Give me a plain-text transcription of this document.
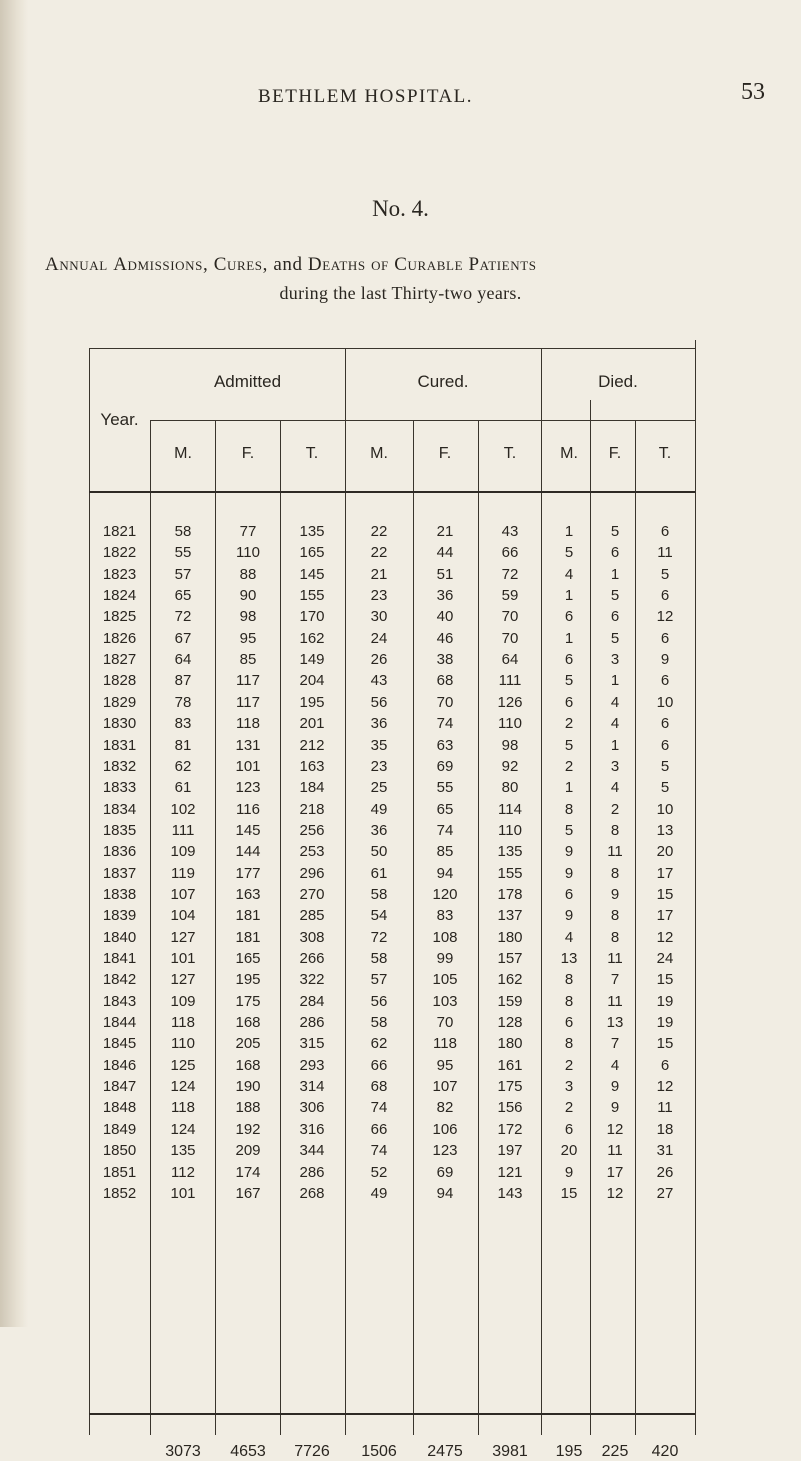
BETHLEM HOSPITAL.	53
No. 4.
Annual Admissions, Cures, and Deaths of Curable Patients
during the last Thirty-two years.
Year.
Admitted	Cured.	Died.
M.	F.	T.	M.	F.	T.	M.	F.	T.
1821	58	77	135	22	21	43	1	5	6
1822	55	110	165	22	44	66	5	6	11
1823	57	88	145	21	51	72	4	1	5
1824	65	90	155	23	36	59	1	5	6
1825	72	98	170	30	40	70	6	6	12
1826	67	95	162	24	46	70	1	5	6
1827	64	85	149	26	38	64	6	3	9
1828	87	117	204	43	68	111	5	1	6
1829	78	117	195	56	70	126	6	4	10
1830	83	118	201	36	74	110	2	4	6
1831	81	131	212	35	63	98	5	1	6
1832	62	101	163	23	69	92	2	3	5
1833	61	123	184	25	55	80	1	4	5
1834	102	116	218	49	65	114	8	2	10
1835	111	145	256	36	74	110	5	8	13
1836	109	144	253	50	85	135	9	11	20
1837	119	177	296	61	94	155	9	8	17
1838	107	163	270	58	120	178	6	9	15
1839	104	181	285	54	83	137	9	8	17
1840	127	181	308	72	108	180	4	8	12
1841	101	165	266	58	99	157	13	11	24
1842	127	195	322	57	105	162	8	7	15
1843	109	175	284	56	103	159	8	11	19
1844	118	168	286	58	70	128	6	13	19
1845	110	205	315	62	118	180	8	7	15
1846	125	168	293	66	95	161	2	4	6
1847	124	190	314	68	107	175	3	9	12
1848	118	188	306	74	82	156	2	9	11
1849	124	192	316	66	106	172	6	12	18
1850	135	209	344	74	123	197	20	11	31
1851	112	174	286	52	69	121	9	17	26
1852	101	167	268	49	94	143	15	12	27
3073	4653	7726	1506	2475	3981	195	225	420
